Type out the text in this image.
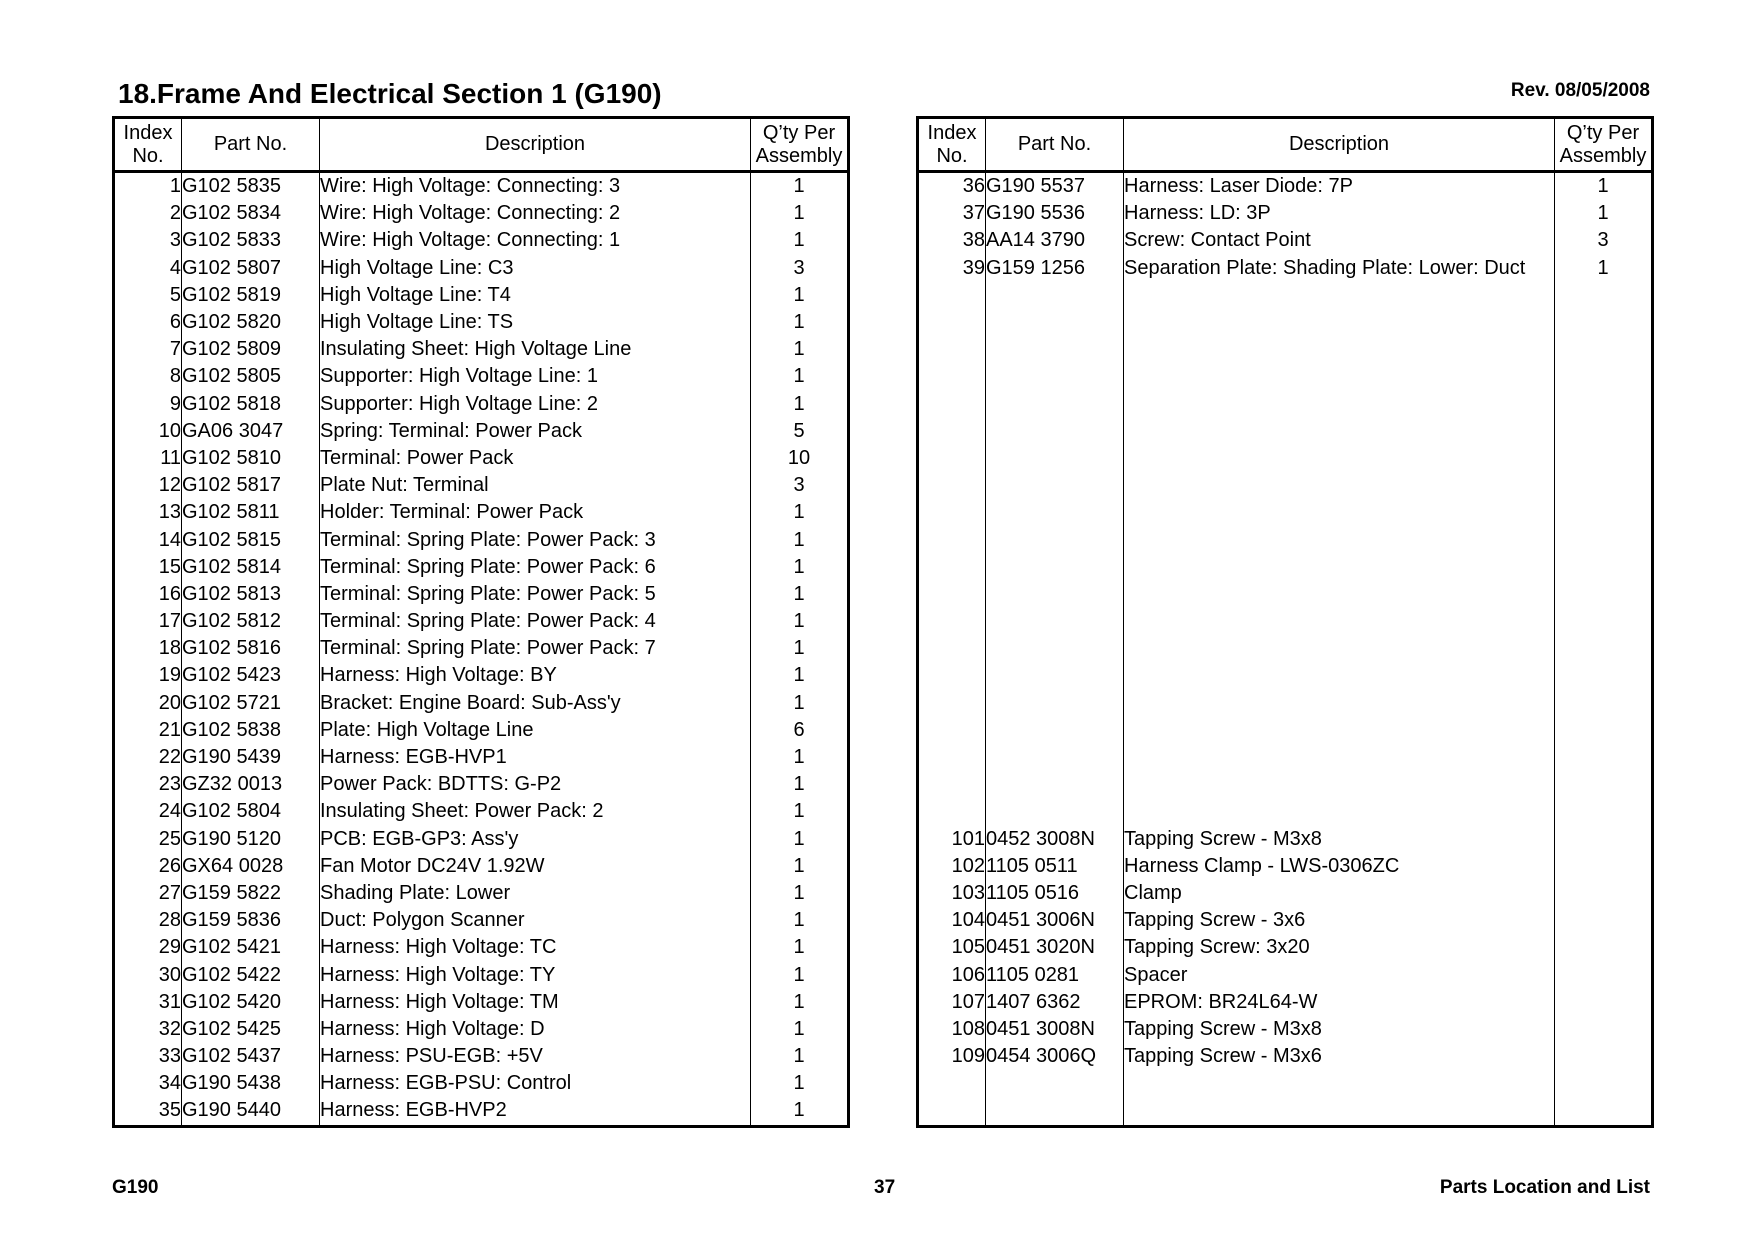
18.Frame And Electrical Section 1 (G190)	Rev. 08/05/2008
Index
No.	Part No.	Description	Q’ty Per
Assembly
1	G102 5835	Wire: High Voltage: Connecting: 3	1
2	G102 5834	Wire: High Voltage: Connecting: 2	1
3	G102 5833	Wire: High Voltage: Connecting: 1	1
4	G102 5807	High Voltage Line: C3	3
5	G102 5819	High Voltage Line: T4	1
6	G102 5820	High Voltage Line: TS	1
7	G102 5809	Insulating Sheet: High Voltage Line	1
8	G102 5805	Supporter: High Voltage Line: 1	1
9	G102 5818	Supporter: High Voltage Line: 2	1
10	GA06 3047	Spring: Terminal: Power Pack	5
11	G102 5810	Terminal: Power Pack	10
12	G102 5817	Plate Nut: Terminal	3
13	G102 5811	Holder: Terminal: Power Pack	1
14	G102 5815	Terminal: Spring Plate: Power Pack: 3	1
15	G102 5814	Terminal: Spring Plate: Power Pack: 6	1
16	G102 5813	Terminal: Spring Plate: Power Pack: 5	1
17	G102 5812	Terminal: Spring Plate: Power Pack: 4	1
18	G102 5816	Terminal: Spring Plate: Power Pack: 7	1
19	G102 5423	Harness: High Voltage: BY	1
20	G102 5721	Bracket: Engine Board: Sub-Ass'y	1
21	G102 5838	Plate: High Voltage Line	6
22	G190 5439	Harness: EGB-HVP1	1
23	GZ32 0013	Power Pack: BDTTS: G-P2	1
24	G102 5804	Insulating Sheet: Power Pack: 2	1
25	G190 5120	PCB: EGB-GP3: Ass'y	1
26	GX64 0028	Fan Motor DC24V 1.92W	1
27	G159 5822	Shading Plate: Lower	1
28	G159 5836	Duct: Polygon Scanner	1
29	G102 5421	Harness: High Voltage: TC	1
30	G102 5422	Harness: High Voltage: TY	1
31	G102 5420	Harness: High Voltage: TM	1
32	G102 5425	Harness: High Voltage: D	1
33	G102 5437	Harness: PSU-EGB: +5V	1
34	G190 5438	Harness: EGB-PSU: Control	1
35	G190 5440	Harness: EGB-HVP2	1
Index
No.	Part No.	Description	Q’ty Per
Assembly
36	G190 5537	Harness: Laser Diode: 7P	1
37	G190 5536	Harness: LD: 3P	1
38	AA14 3790	Screw: Contact Point	3
39	G159 1256	Separation Plate: Shading Plate: Lower: Duct	1

101	0452 3008N	Tapping Screw - M3x8	
102	1105 0511	Harness Clamp - LWS-0306ZC	
103	1105 0516	Clamp	
104	0451 3006N	Tapping Screw - 3x6	
105	0451 3020N	Tapping Screw: 3x20	
106	1105 0281	Spacer	
107	1407 6362	EPROM: BR24L64-W	
108	0451 3008N	Tapping Screw - M3x8	
109	0454 3006Q	Tapping Screw - M3x6	

G190	37	Parts Location and List
